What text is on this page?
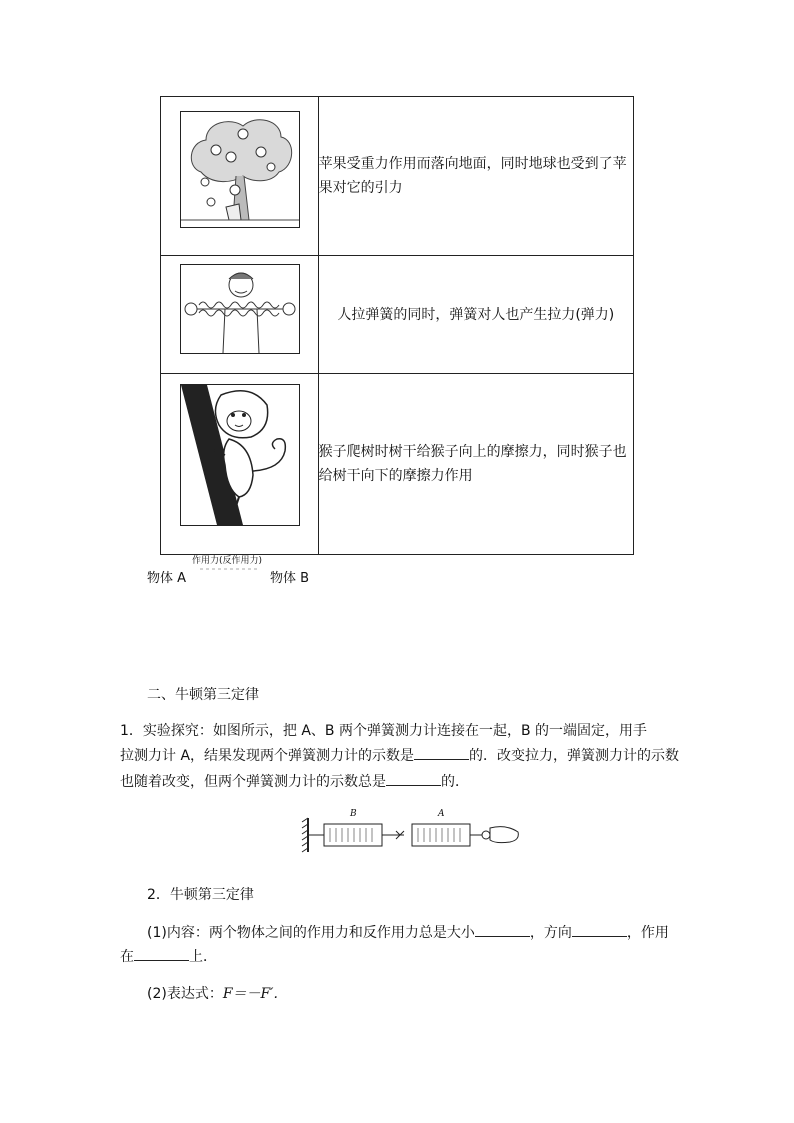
	苹果受重力作用而落向地面，同时地球也受到了苹果对它的引力

	人拉弹簧的同时，弹簧对人也产生拉力(弹力)

	猴子爬树时树干给猴子向上的摩擦力，同时猴子也给树干向下的摩擦力作用
物体 A
作用力(反作用力)
物体 B
二、牛顿第三定律
1．实验探究：如图所示，把 A、B 两个弹簧测力计连接在一起，B 的一端固定，用手
拉测力计 A，结果发现两个弹簧测力计的示数是	的．改变拉力，弹簧测力计的示数
也随着改变，但两个弹簧测力计的示数总是	的．
B	A
2．牛顿第三定律
(1)内容：两个物体之间的作用力和反作用力总是大小	，方向	，作用
在	上．
(2)表达式：F＝－F′.
